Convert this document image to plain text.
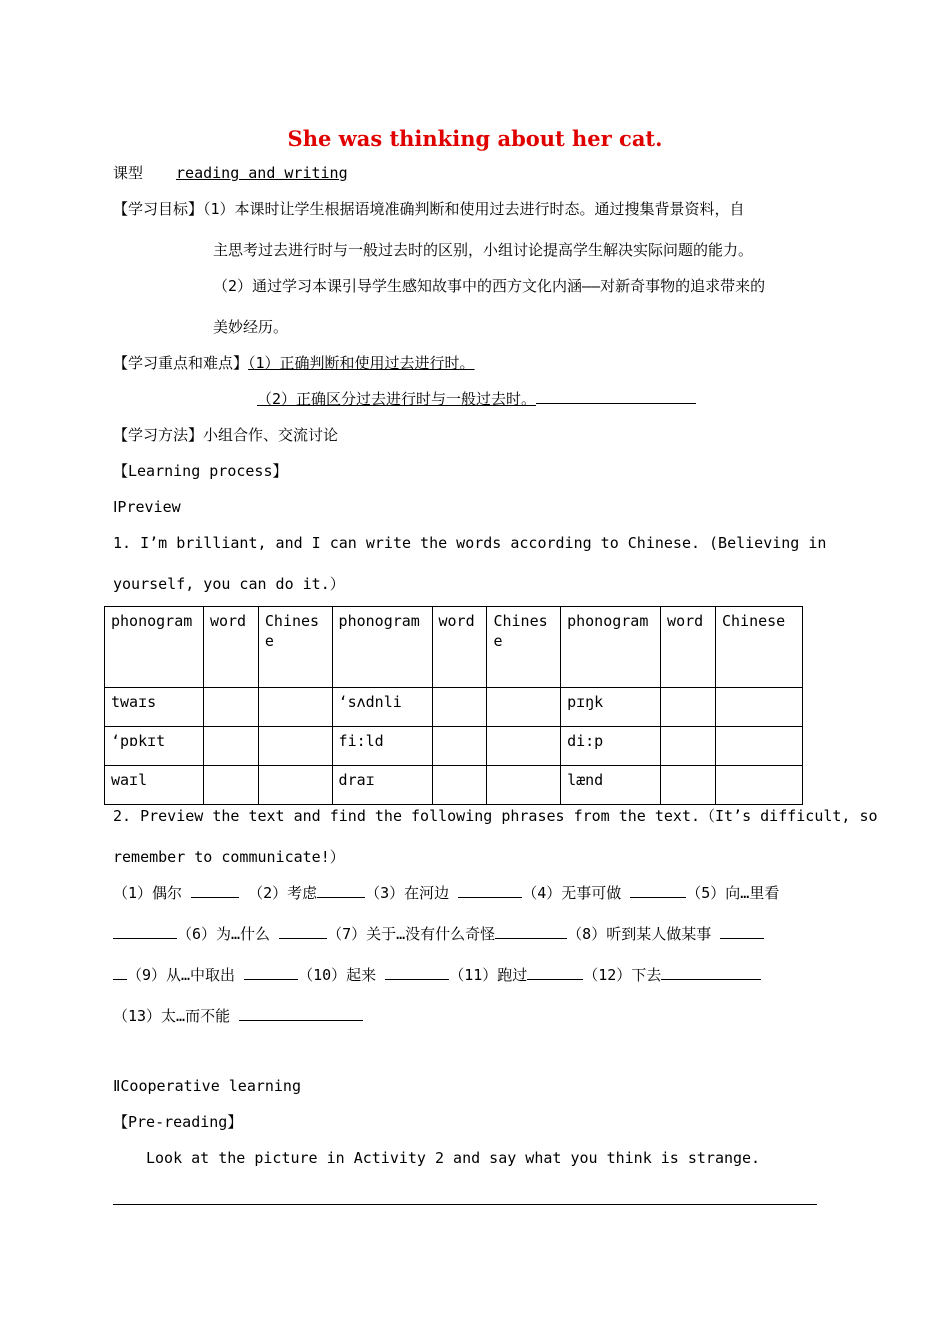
She was thinking about her cat.
课型 reading and writing
【学习目标】（1）本课时让学生根据语境准确判断和使用过去进行时态。通过搜集背景资料，自
主思考过去进行时与一般过去时的区别，小组讨论提高学生解决实际问题的能力。
（2）通过学习本课引导学生感知故事中的西方文化内涵——对新奇事物的追求带来的
美妙经历。
【学习重点和难点】（1）正确判断和使用过去进行时。
（2）正确区分过去进行时与一般过去时。
【学习方法】小组合作、交流讨论
【Learning process】
ⅠPreview
1. I’m brilliant, and I can write the words according to Chinese. (Believing in
yourself, you can do it.）
phonogram	word	Chinese	phonogram	word	Chinese	phonogram	word	Chinese
twaɪs			‘sʌdnli			pɪŋk		
‘pɒkɪt			fi:ld			di:p		
waɪl			draɪ			lænd		
2. Preview the text and find the following phrases from the text.（It’s difficult, so
remember to communicate!）
（1）偶尔	（2）考虑	（3）在河边	（4）无事可做	（5）向…里看
（6）为…什么	（7）关于…没有什么奇怪	（8）听到某人做某事
（9）从…中取出	（10）起来	（11）跑过	（12）下去
（13）太…而不能
ⅡCooperative learning
【Pre-reading】
Look at the picture in Activity 2 and say what you think is strange.
